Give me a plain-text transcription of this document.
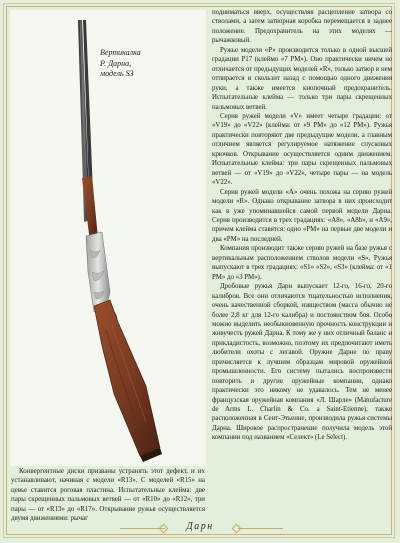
Вертикалка
Р. Дарна,
модель S3

подниматься вверх, осуществляя расцепление затвора со стволами, а затем затворная коробка перемещается в заднее положение. Предохранитель на этих моделях — рычажковый.

Ружье модели «Р» производится только в одной высшей градации Р17 (клеймо «7 РМ»). Оно практически ничем не отличается от предыдущих моделей «R», только затвор в нем отпирается и скользит назад с помощью одного движения руки, а также имеется кнопочный предохранитель. Испытательные клейма — только три пары скрещенных пальмовых ветвей.

Серия ружей модели «V» имеет четыре градации: от «V19» до «V22» (клейма: от «9 РМ» до «12 РМ»). Ружья практически повторяют две предыдущие модели, а главным отличием является регулируемое натяжение спусковых крючков. Открывание осуществляется одним движением. Испытательные клейма: три пары скрещенных пальмовых ветвей — от «V19» до «V22», четыре пары — на модель «V22».

Серия ружей модели «А» очень похожа на серию ружей модели «R». Однако открывание затвора в них происходит как в уже упоминавшейся самой первой модели Дарна. Серия производится в трех градациях: «А8», «А8b», и «А9», причем клейма ставятся: одно «РМ» на первые две модели и два «РМ» на последней.

Компания производит также серию ружей на базе ружья с вертикальным расположением стволов модели «S». Ружья выпускают в трех градациях: «S1» «S2», «S3» (клейма: от «1 РМ» до «3 РМ»).

Дробовые ружья Дарн выпускает 12-го, 16-го, 20-го калибров. Все они отличаются тщательностью исполнения, очень качественной сборкой, изяществом (масса обычно не более 2,8 кг для 12-го калибра) и постоянством боя. Особо можно выделить необыкновенную прочность конструкции и живучесть ружей Дарна. К тому же у них отличный баланс и прикладистость, возможно, поэтому их предпочитают иметь любители охоты с легавой. Оружие Дарне по праву причисляется к лучшим образцам мировой оружейной промышленности. Его систему пытались воспроизвести повторить и другие оружейные компании, однако практически это никому не удавалось. Тем не менее французская оружейная компания «Л. Шарле» (Manufacture de Arms L. Charlin & Co. a Saint-Etienne), также расположенная в Сент-Этьенне, производила ружья системы Дарна. Широкое распространение получила модель этой компании под названием «Селект» (Le Select).

Конвергентные диски призваны устранять этот дефект, и их устанавливают, начиная с модели «R13». С моделей «R15» на цевье ставится роговая пластина. Испытательные клейма: две пары скрещенных пальмовых ветвей — от «R10» до «R12», три пары — от «R13» до «R17». Открывание ружья осуществляется двумя движениями: рычаг

Дарн
